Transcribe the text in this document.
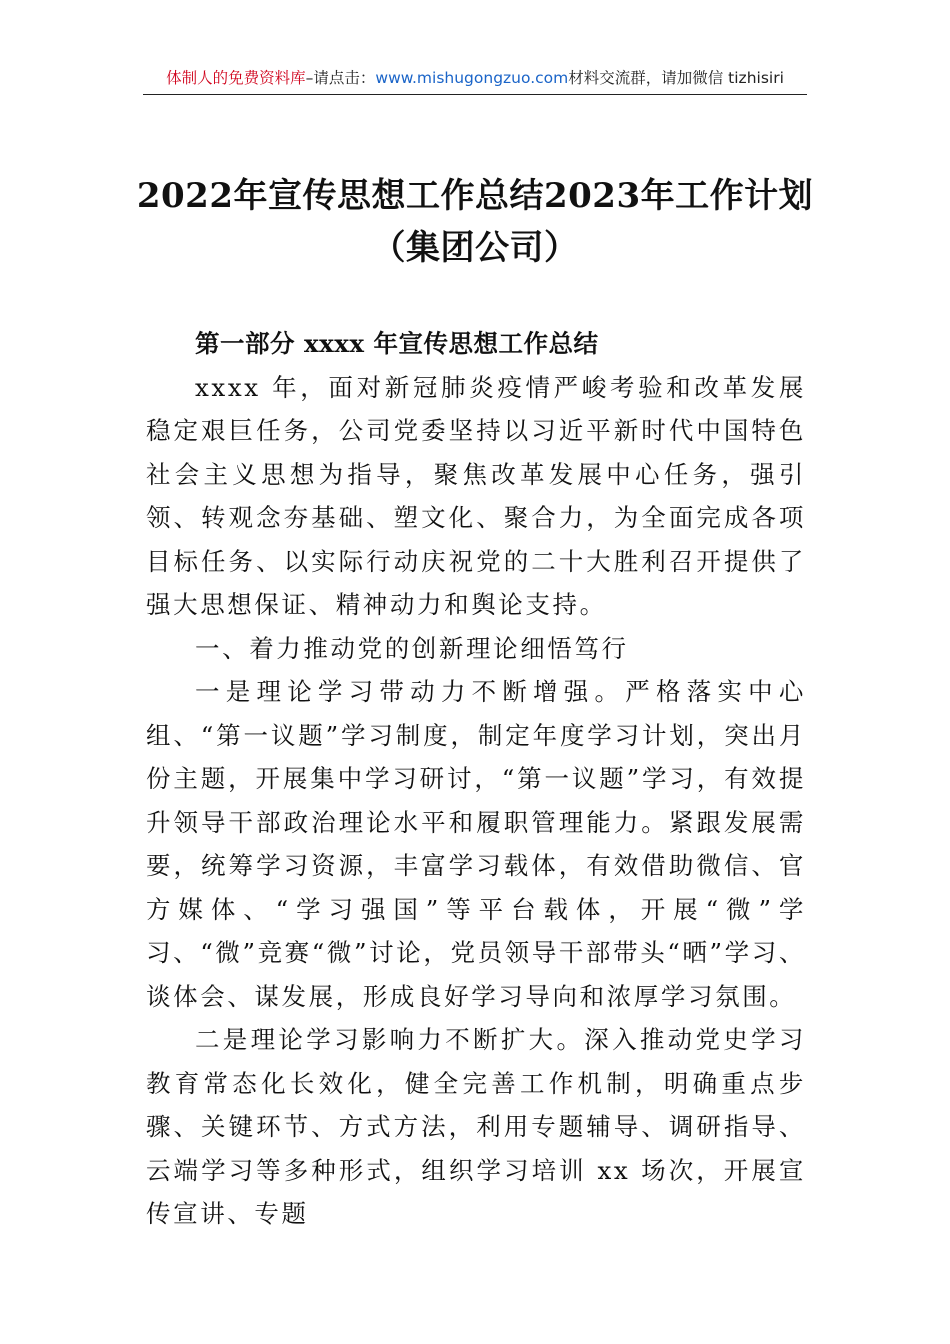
体制人的免费资料库–请点击：www.mishugongzuo.com材料交流群，请加微信 tizhisiri
2022年宣传思想工作总结2023年工作计划
（集团公司）

第一部分 xxxx 年宣传思想工作总结

xxxx 年，面对新冠肺炎疫情严峻考验和改革发展稳定艰巨任务，公司党委坚持以习近平新时代中国特色社会主义思想为指导，聚焦改革发展中心任务，强引领、转观念夯基础、塑文化、聚合力，为全面完成各项目标任务、以实际行动庆祝党的二十大胜利召开提供了强大思想保证、精神动力和舆论支持。

一、着力推动党的创新理论细悟笃行

一是理论学习带动力不断增强。严格落实中心组、“第一议题”学习制度，制定年度学习计划，突出月份主题，开展集中学习研讨，“第一议题”学习，有效提升领导干部政治理论水平和履职管理能力。紧跟发展需要，统筹学习资源，丰富学习载体，有效借助微信、官方媒体、“学习强国”等平台载体，开展“微”学习、“微”竞赛“微”讨论，党员领导干部带头“晒”学习、谈体会、谋发展，形成良好学习导向和浓厚学习氛围。

二是理论学习影响力不断扩大。深入推动党史学习教育常态化长效化，健全完善工作机制，明确重点步骤、关键环节、方式方法，利用专题辅导、调研指导、云端学习等多种形式，组织学习培训 xx 场次，开展宣传宣讲、专题
